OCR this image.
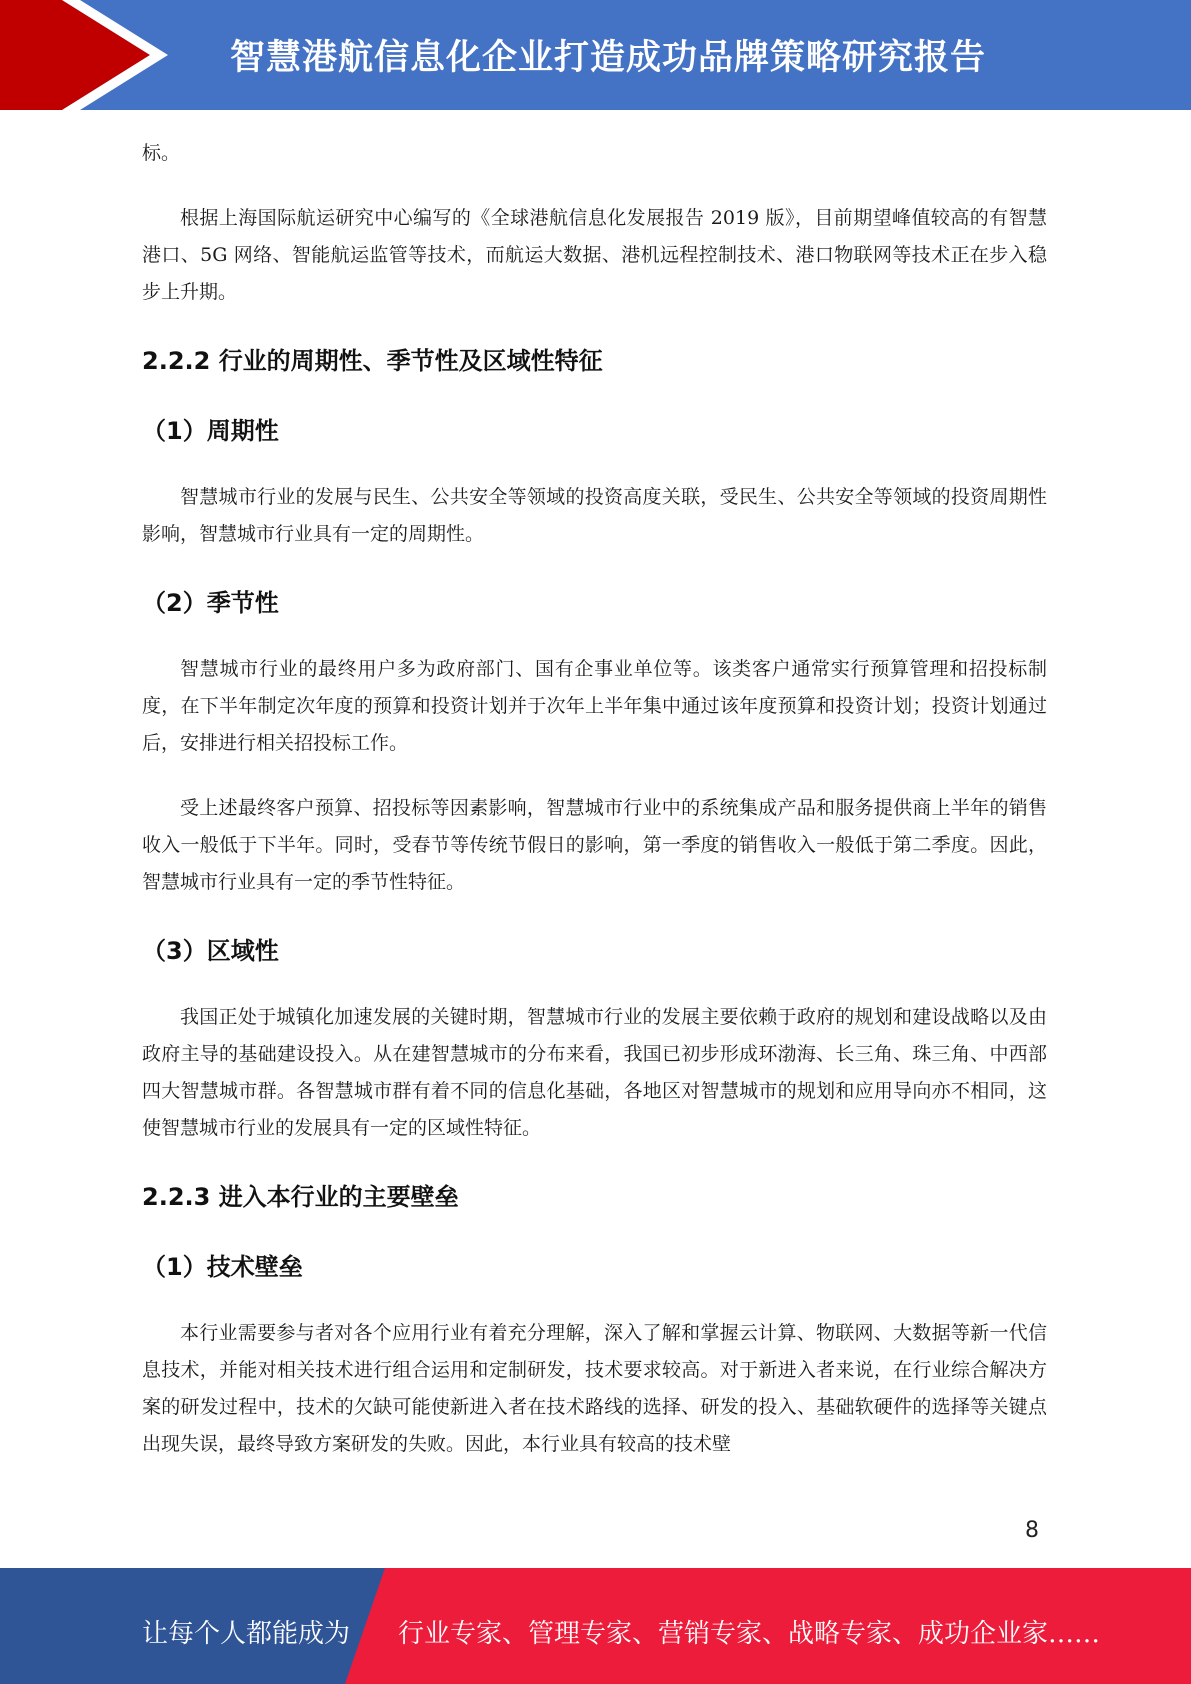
智慧港航信息化企业打造成功品牌策略研究报告

标。

根据上海国际航运研究中心编写的《全球港航信息化发展报告 2019 版》，目前期望峰值较高的有智慧港口、5G 网络、智能航运监管等技术，而航运大数据、港机远程控制技术、港口物联网等技术正在步入稳步上升期。

2.2.2 行业的周期性、季节性及区域性特征
（1）周期性

智慧城市行业的发展与民生、公共安全等领域的投资高度关联，受民生、公共安全等领域的投资周期性影响，智慧城市行业具有一定的周期性。

（2）季节性

智慧城市行业的最终用户多为政府部门、国有企事业单位等。该类客户通常实行预算管理和招投标制度，在下半年制定次年度的预算和投资计划并于次年上半年集中通过该年度预算和投资计划；投资计划通过后，安排进行相关招投标工作。

受上述最终客户预算、招投标等因素影响，智慧城市行业中的系统集成产品和服务提供商上半年的销售收入一般低于下半年。同时，受春节等传统节假日的影响，第一季度的销售收入一般低于第二季度。因此，智慧城市行业具有一定的季节性特征。

（3）区域性

我国正处于城镇化加速发展的关键时期，智慧城市行业的发展主要依赖于政府的规划和建设战略以及由政府主导的基础建设投入。从在建智慧城市的分布来看，我国已初步形成环渤海、长三角、珠三角、中西部四大智慧城市群。各智慧城市群有着不同的信息化基础，各地区对智慧城市的规划和应用导向亦不相同，这使智慧城市行业的发展具有一定的区域性特征。

2.2.3 进入本行业的主要壁垒
（1）技术壁垒

本行业需要参与者对各个应用行业有着充分理解，深入了解和掌握云计算、物联网、大数据等新一代信息技术，并能对相关技术进行组合运用和定制研发，技术要求较高。对于新进入者来说，在行业综合解决方案的研发过程中，技术的欠缺可能使新进入者在技术路线的选择、研发的投入、基础软硬件的选择等关键点出现失误，最终导致方案研发的失败。因此，本行业具有较高的技术壁

8
让每个人都能成为 行业专家、管理专家、营销专家、战略专家、成功企业家……
